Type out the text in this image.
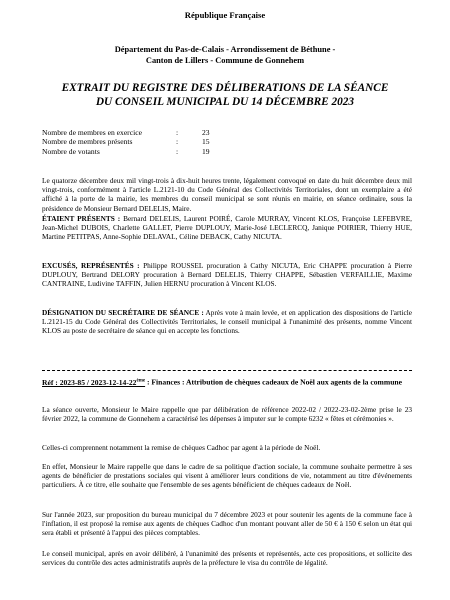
République Française
Département du Pas-de-Calais - Arrondissement de Béthune -
Canton de Lillers - Commune de Gonnehem
EXTRAIT DU REGISTRE DES DÉLIBERATIONS DE LA SÉANCE
DU CONSEIL MUNICIPAL DU 14 DÉCEMBRE 2023
Nombre de membres en exercice	:	23
Nombre de membres présents	:	15
Nombre de votants	:	19
Le quatorze décembre deux mil vingt-trois à dix-huit heures trente, légalement convoqué en date du huit décembre deux mil vingt-trois, conformément à l'article L.2121-10 du Code Général des Collectivités Territoriales, dont un exemplaire a été affiché à la porte de la mairie, les membres du conseil municipal se sont réunis en mairie, en séance ordinaire, sous la présidence de Monsieur Bernard DELELIS, Maire.
ÉTAIENT PRÉSENTS : Bernard DELELIS, Laurent POIRÉ, Carole MURRAY, Vincent KLOS, Françoise LEFEBVRE, Jean-Michel DUBOIS, Charlette GALLET, Pierre DUPLOUY, Marie-José LECLERCQ, Janique POIRIER, Thierry HUE, Martine PETITPAS, Anne-Sophie DELAVAL, Céline DEBACK, Cathy NICUTA.
EXCUSÉS, REPRÉSENTÉS : Philippe ROUSSEL procuration à Cathy NICUTA, Eric CHAPPE procuration à Pierre DUPLOUY, Bertrand DELORY procuration à Bernard DELELIS, Thierry CHAPPE, Sébastien VERFAILLIE, Maxime CANTRAINE, Ludivine TAFFIN, Julien HERNU procuration à Vincent KLOS.
DÉSIGNATION DU SECRÉTAIRE DE SÉANCE : Après vote à main levée, et en application des dispositions de l'article L.2121-15 du Code Général des Collectivités Territoriales, le conseil municipal à l'unanimité des présents, nomme Vincent KLOS au poste de secrétaire de séance qui en accepte les fonctions.
Réf : 2023-85 / 2023-12-14-22ème : Finances : Attribution de chèques cadeaux de Noël aux agents de la commune
La séance ouverte, Monsieur le Maire rappelle que par délibération de référence 2022-02 / 2022-23-02-2ème prise le 23 février 2022, la commune de Gonnehem a caractérisé les dépenses à imputer sur le compte 6232 « fêtes et cérémonies ».
Celles-ci comprennent notamment la remise de chèques Cadhoc par agent à la période de Noël.
En effet, Monsieur le Maire rappelle que dans le cadre de sa politique d'action sociale, la commune souhaite permettre à ses agents de bénéficier de prestations sociales qui visent à améliorer leurs conditions de vie, notamment au titre d'événements particuliers. À ce titre, elle souhaite que l'ensemble de ses agents bénéficient de chèques cadeaux de Noël.
Sur l'année 2023, sur proposition du bureau municipal du 7 décembre 2023 et pour soutenir les agents de la commune face à l'inflation, il est proposé la remise aux agents de chèques Cadhoc d'un montant pouvant aller de 50 € à 150 € selon un état qui sera établi et présenté à l'appui des pièces comptables.
Le conseil municipal, après en avoir délibéré, à l'unanimité des présents et représentés, acte ces propositions, et sollicite des services du contrôle des actes administratifs auprès de la préfecture le visa du contrôle de légalité.
